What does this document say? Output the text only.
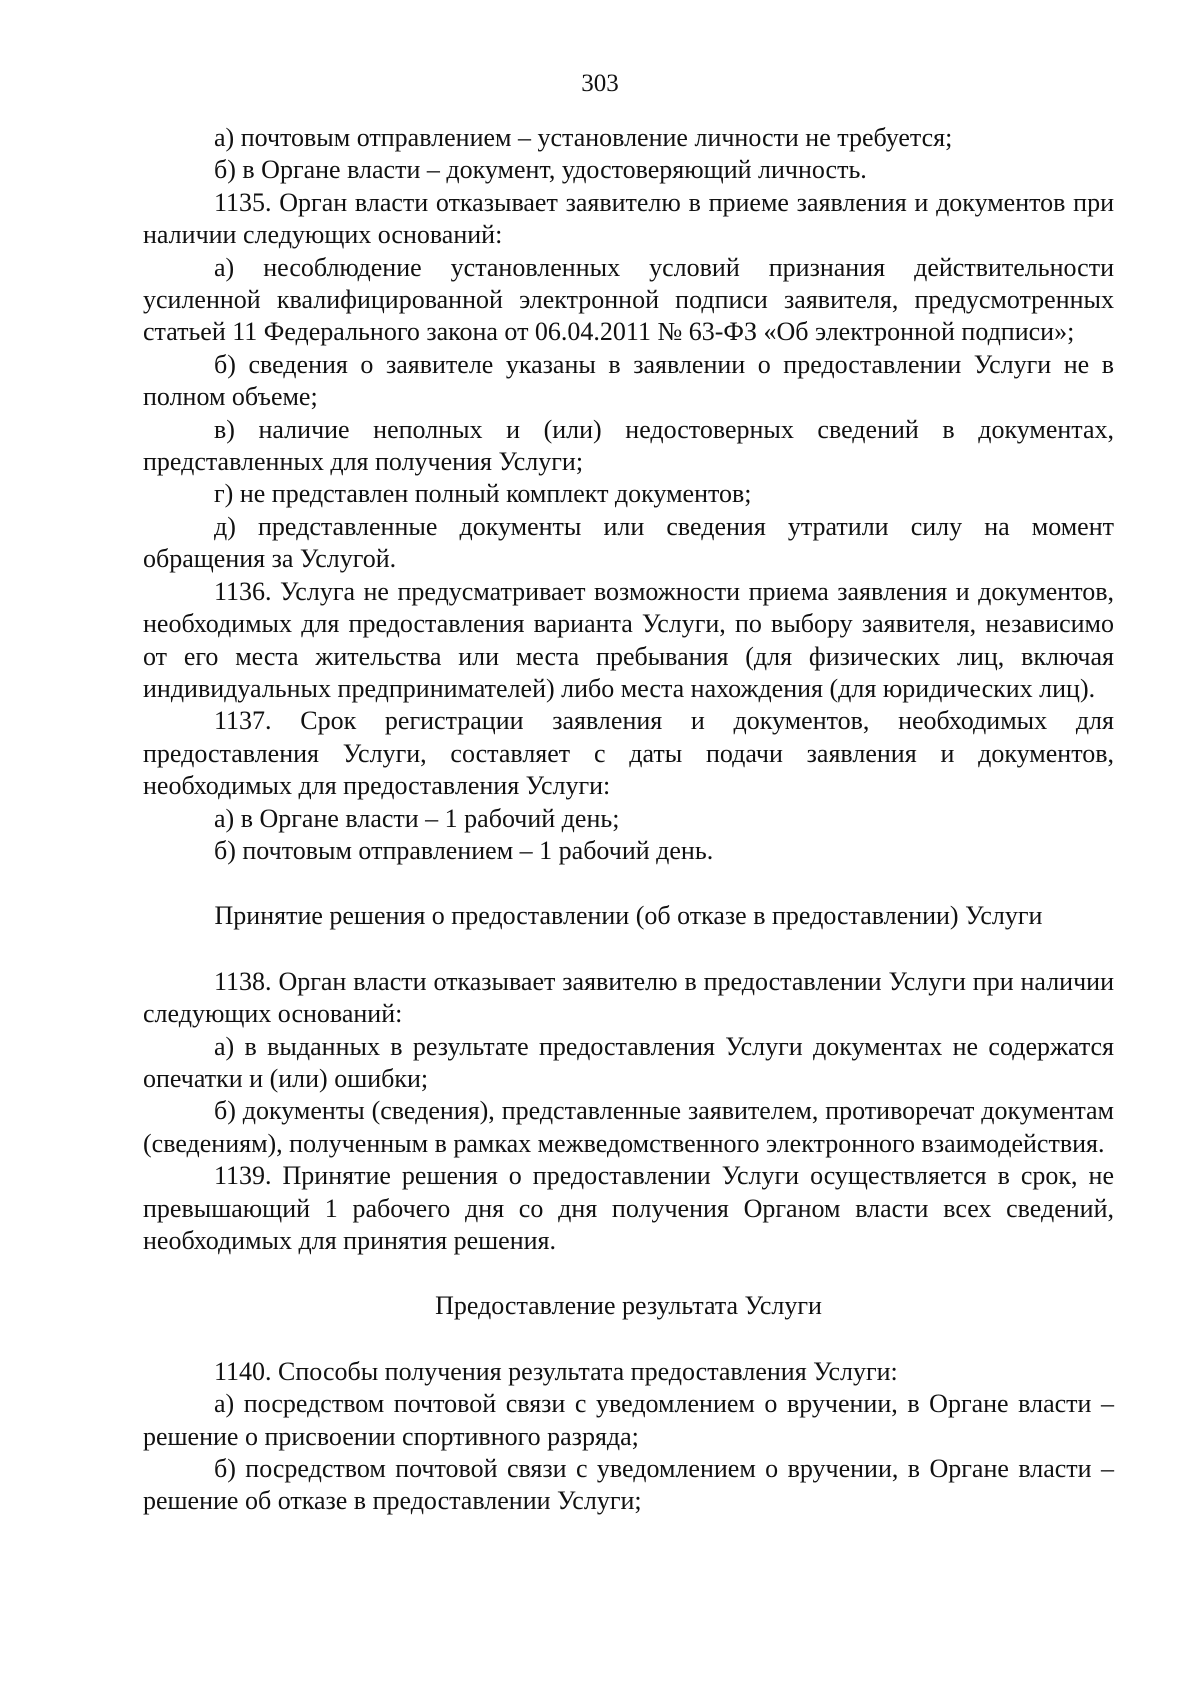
303

а) почтовым отправлением – установление личности не требуется;

б) в Органе власти – документ, удостоверяющий личность.

1135. Орган власти отказывает заявителю в приеме заявления и документов при наличии следующих оснований:

а) несоблюдение установленных условий признания действительности усиленной квалифицированной электронной подписи заявителя, предусмотренных статьей 11 Федерального закона от 06.04.2011 № 63-ФЗ «Об электронной подписи»;

б) сведения о заявителе указаны в заявлении о предоставлении Услуги не в полном объеме;

в) наличие неполных и (или) недостоверных сведений в документах, представленных для получения Услуги;

г) не представлен полный комплект документов;

д) представленные документы или сведения утратили силу на момент обращения за Услугой.

1136. Услуга не предусматривает возможности приема заявления и документов, необходимых для предоставления варианта Услуги, по выбору заявителя, независимо от его места жительства или места пребывания (для физических лиц, включая индивидуальных предпринимателей) либо места нахождения (для юридических лиц).

1137. Срок регистрации заявления и документов, необходимых для предоставления Услуги, составляет с даты подачи заявления и документов, необходимых для предоставления Услуги:

а) в Органе власти – 1 рабочий день;

б) почтовым отправлением – 1 рабочий день.

Принятие решения о предоставлении (об отказе в предоставлении) Услуги

1138. Орган власти отказывает заявителю в предоставлении Услуги при наличии следующих оснований:

а) в выданных в результате предоставления Услуги документах не содержатся опечатки и (или) ошибки;

б) документы (сведения), представленные заявителем, противоречат документам (сведениям), полученным в рамках межведомственного электронного взаимодействия.

1139. Принятие решения о предоставлении Услуги осуществляется в срок, не превышающий 1 рабочего дня со дня получения Органом власти всех сведений, необходимых для принятия решения.

Предоставление результата Услуги

1140. Способы получения результата предоставления Услуги:

а) посредством почтовой связи с уведомлением о вручении, в Органе власти – решение о присвоении спортивного разряда;

б) посредством почтовой связи с уведомлением о вручении, в Органе власти – решение об отказе в предоставлении Услуги;
